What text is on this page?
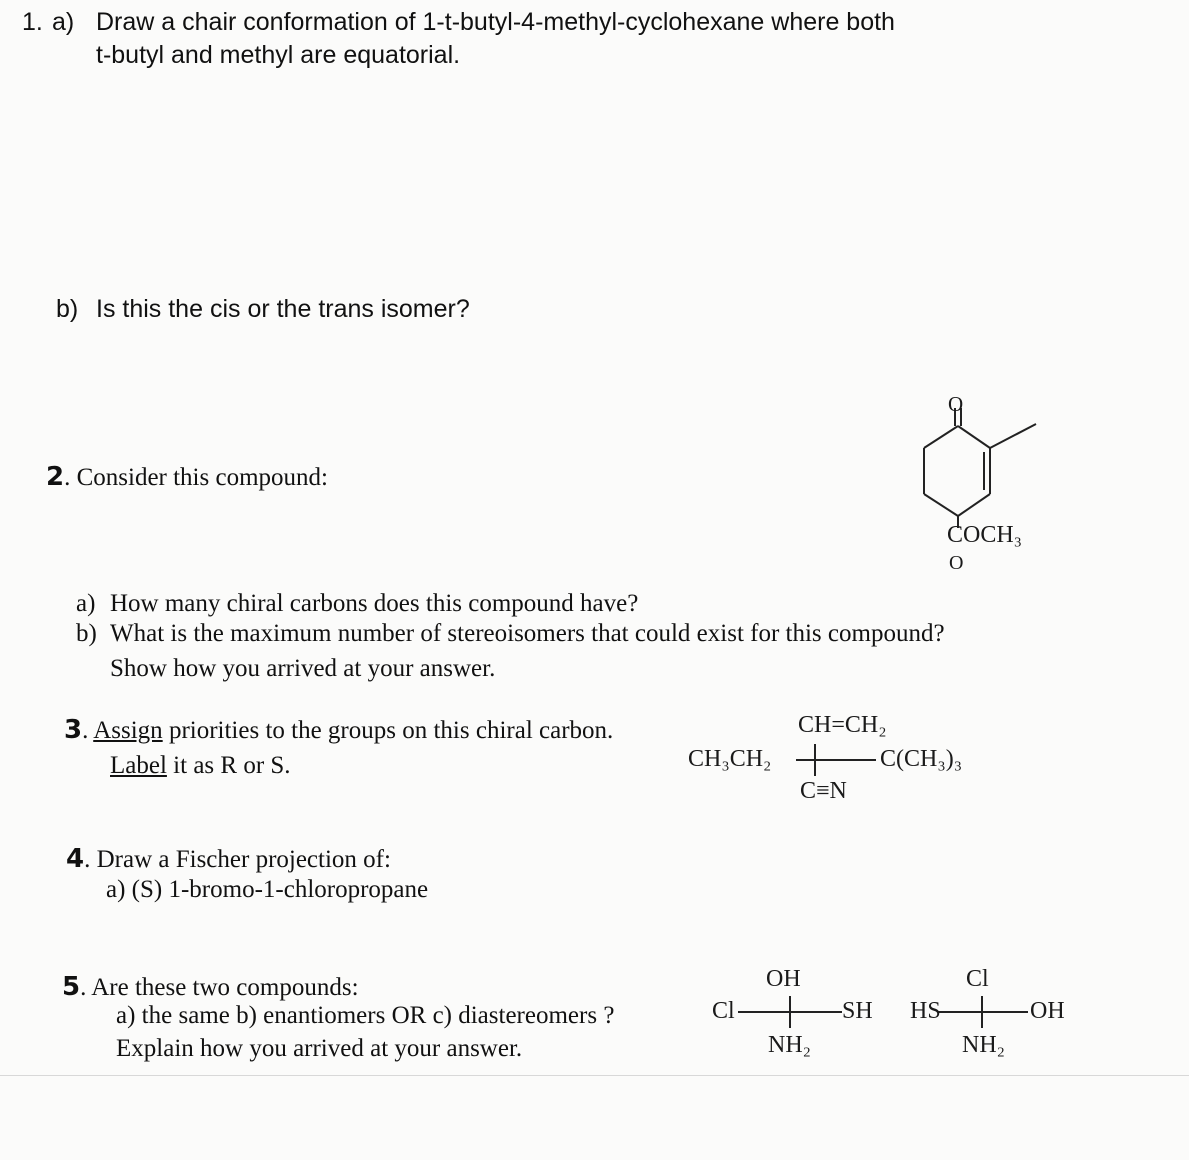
1. a) Draw a chair conformation of 1-t-butyl-4-methyl-cyclohexane where both
t-butyl and methyl are equatorial.
b) Is this the cis or the trans isomer?
2. Consider this compound:
O
COCH₃
O
a) How many chiral carbons does this compound have?
b) What is the maximum number of stereoisomers that could exist for this compound?
Show how you arrived at your answer.
3. Assign priorities to the groups on this chiral carbon.
Label it as R or S.
CH=CH₂
CH₃CH₂	C(CH₃)₃
C≡N
4. Draw a Fischer projection of:
a) (S) 1-bromo-1-chloropropane
5. Are these two compounds:
a) the same b) enantiomers OR c) diastereomers ?
Explain how you arrived at your answer.
OH
Cl	SH
NH₂
Cl
HS	OH
NH₂
